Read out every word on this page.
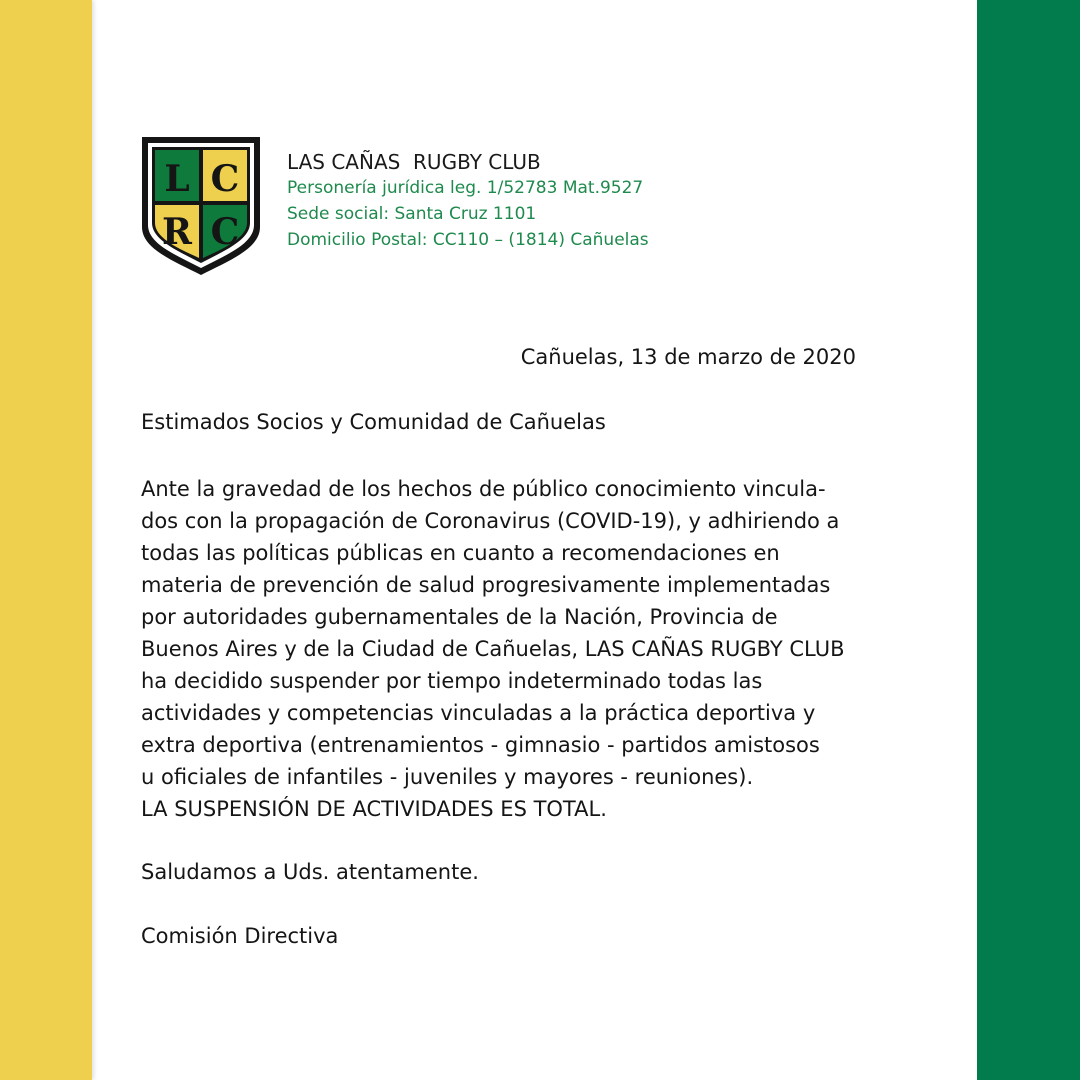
L C
R C
LAS CAÑAS  RUGBY CLUB
Personería jurídica leg. 1/52783 Mat.9527
Sede social: Santa Cruz 1101
Domicilio Postal: CC110 – (1814) Cañuelas
Cañuelas, 13 de marzo de 2020
Estimados Socios y Comunidad de Cañuelas
Ante la gravedad de los hechos de público conocimiento vincula-
dos con la propagación de Coronavirus (COVID-19), y adhiriendo a
todas las políticas públicas en cuanto a recomendaciones en
materia de prevención de salud progresivamente implementadas
por autoridades gubernamentales de la Nación, Provincia de
Buenos Aires y de la Ciudad de Cañuelas, LAS CAÑAS RUGBY CLUB
ha decidido suspender por tiempo indeterminado todas las
actividades y competencias vinculadas a la práctica deportiva y
extra deportiva (entrenamientos - gimnasio - partidos amistosos
u oficiales de infantiles - juveniles y mayores - reuniones).
LA SUSPENSIÓN DE ACTIVIDADES ES TOTAL.
Saludamos a Uds. atentamente.
Comisión Directiva
